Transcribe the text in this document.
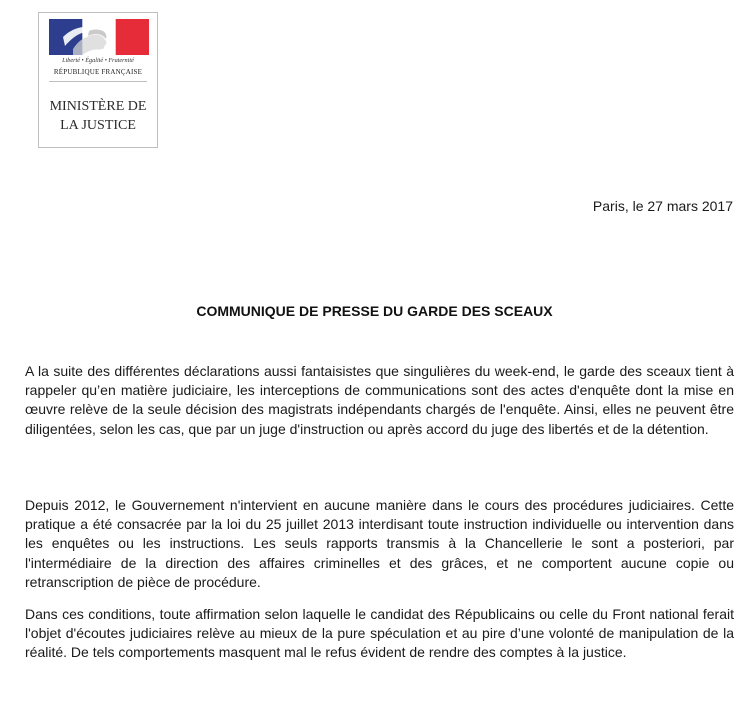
Liberté • Égalité • Fraternité
RÉPUBLIQUE FRANÇAISE
MINISTÈRE DE
LA JUSTICE
Paris, le 27 mars 2017
COMMUNIQUE DE PRESSE DU GARDE DES SCEAUX

A la suite des différentes déclarations aussi fantaisistes que singulières du week-end, le garde des sceaux tient à rappeler qu’en matière judiciaire, les interceptions de communications sont des actes d'enquête dont la mise en œuvre relève de la seule décision des magistrats indépendants chargés de l'enquête. Ainsi, elles ne peuvent être diligentées, selon les cas, que par un juge d'instruction ou après accord du juge des libertés et de la détention.

Depuis 2012, le Gouvernement n'intervient en aucune manière dans le cours des procédures judiciaires. Cette pratique a été consacrée par la loi du 25 juillet 2013 interdisant toute instruction individuelle ou intervention dans les enquêtes ou les instructions. Les seuls rapports transmis à la Chancellerie le sont a posteriori, par l'intermédiaire de la direction des affaires criminelles et des grâces, et ne comportent aucune copie ou retranscription de pièce de procédure.

Dans ces conditions, toute affirmation selon laquelle le candidat des Républicains ou celle du Front national ferait l'objet d'écoutes judiciaires relève au mieux de la pure spéculation et au pire d’une volonté de manipulation de la réalité. De tels comportements masquent mal le refus évident de rendre des comptes à la justice.
